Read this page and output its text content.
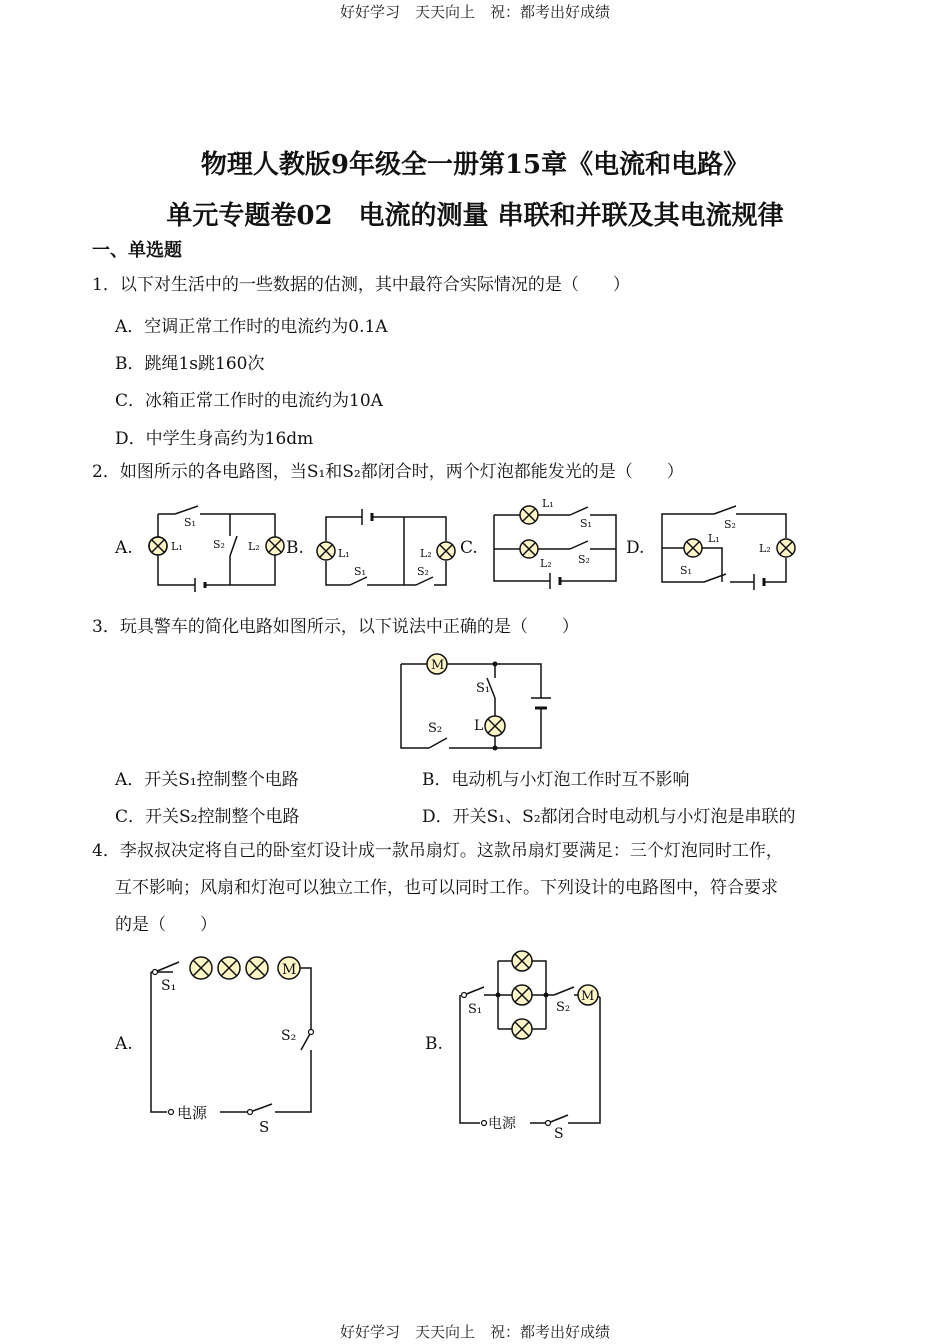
好好学习　天天向上　祝：都考出好成绩
物理人教版9年级全一册第15章《电流和电路》
单元专题卷02　电流的测量 串联和并联及其电流规律
一、单选题
1．以下对生活中的一些数据的估测，其中最符合实际情况的是（　　）
A．空调正常工作时的电流约为0.1A
B．跳绳1s跳160次
C．冰箱正常工作时的电流约为10A
D．中学生身高约为16dm
2．如图所示的各电路图，当S₁和S₂都闭合时，两个灯泡都能发光的是（　　）
A.
S₁
S₂
L₁	L₂ B.	L₁	L₂
S₁	S₂
C.
L₁
S₁
L₂ S₂
D.
S₂
L₁
L₂
S₁
3．玩具警车的简化电路如图所示，以下说法中正确的是（　　）
M
S₁
L
S₂
A．开关S₁控制整个电路	B．电动机与小灯泡工作时互不影响
C．开关S₂控制整个电路	D．开关S₁、S₂都闭合时电动机与小灯泡是串联的
4．李叔叔决定将自己的卧室灯设计成一款吊扇灯。这款吊扇灯要满足：三个灯泡同时工作，
互不影响；风扇和灯泡可以独立工作，也可以同时工作。下列设计的电路图中，符合要求
的是（　　）
A.
M
S₁
S₂
电源
S
B.
M
S₁	S₂
电源
S
好好学习　天天向上　祝：都考出好成绩
